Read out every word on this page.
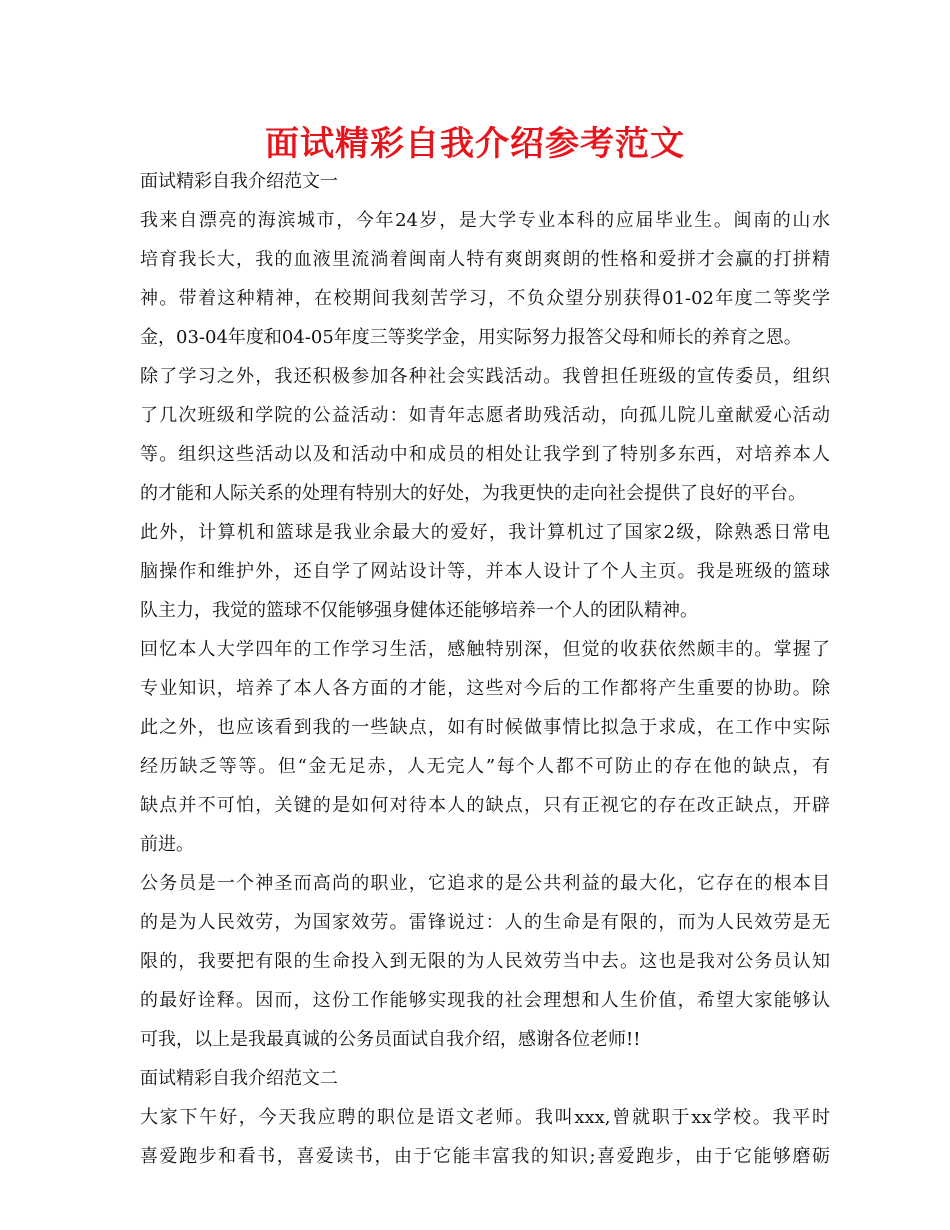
面试精彩自我介绍参考范文
面试精彩自我介绍范文一
我来自漂亮的海滨城市，今年24岁，是大学专业本科的应届毕业生。闽南的山水
培育我长大，我的血液里流淌着闽南人特有爽朗爽朗的性格和爱拼才会赢的打拼精
神。带着这种精神，在校期间我刻苦学习，不负众望分别获得01-02年度二等奖学
金，03-04年度和04-05年度三等奖学金，用实际努力报答父母和师长的养育之恩。
除了学习之外，我还积极参加各种社会实践活动。我曾担任班级的宣传委员，组织
了几次班级和学院的公益活动：如青年志愿者助残活动，向孤儿院儿童献爱心活动
等。组织这些活动以及和活动中和成员的相处让我学到了特别多东西，对培养本人
的才能和人际关系的处理有特别大的好处，为我更快的走向社会提供了良好的平台。
此外，计算机和篮球是我业余最大的爱好，我计算机过了国家2级，除熟悉日常电
脑操作和维护外，还自学了网站设计等，并本人设计了个人主页。我是班级的篮球
队主力，我觉的篮球不仅能够强身健体还能够培养一个人的团队精神。
回忆本人大学四年的工作学习生活，感触特别深，但觉的收获依然颇丰的。掌握了
专业知识，培养了本人各方面的才能，这些对今后的工作都将产生重要的协助。除
此之外，也应该看到我的一些缺点，如有时候做事情比拟急于求成，在工作中实际
经历缺乏等等。但“金无足赤，人无完人”每个人都不可防止的存在他的缺点，有
缺点并不可怕，关键的是如何对待本人的缺点，只有正视它的存在改正缺点，开辟
前进。
公务员是一个神圣而高尚的职业，它追求的是公共利益的最大化，它存在的根本目
的是为人民效劳，为国家效劳。雷锋说过：人的生命是有限的，而为人民效劳是无
限的，我要把有限的生命投入到无限的为人民效劳当中去。这也是我对公务员认知
的最好诠释。因而，这份工作能够实现我的社会理想和人生价值，希望大家能够认
可我，以上是我最真诚的公务员面试自我介绍，感谢各位老师!!
面试精彩自我介绍范文二
大家下午好，今天我应聘的职位是语文老师。我叫xxx,曾就职于xx学校。我平时
喜爱跑步和看书，喜爱读书，由于它能丰富我的知识;喜爱跑步，由于它能够磨砺
